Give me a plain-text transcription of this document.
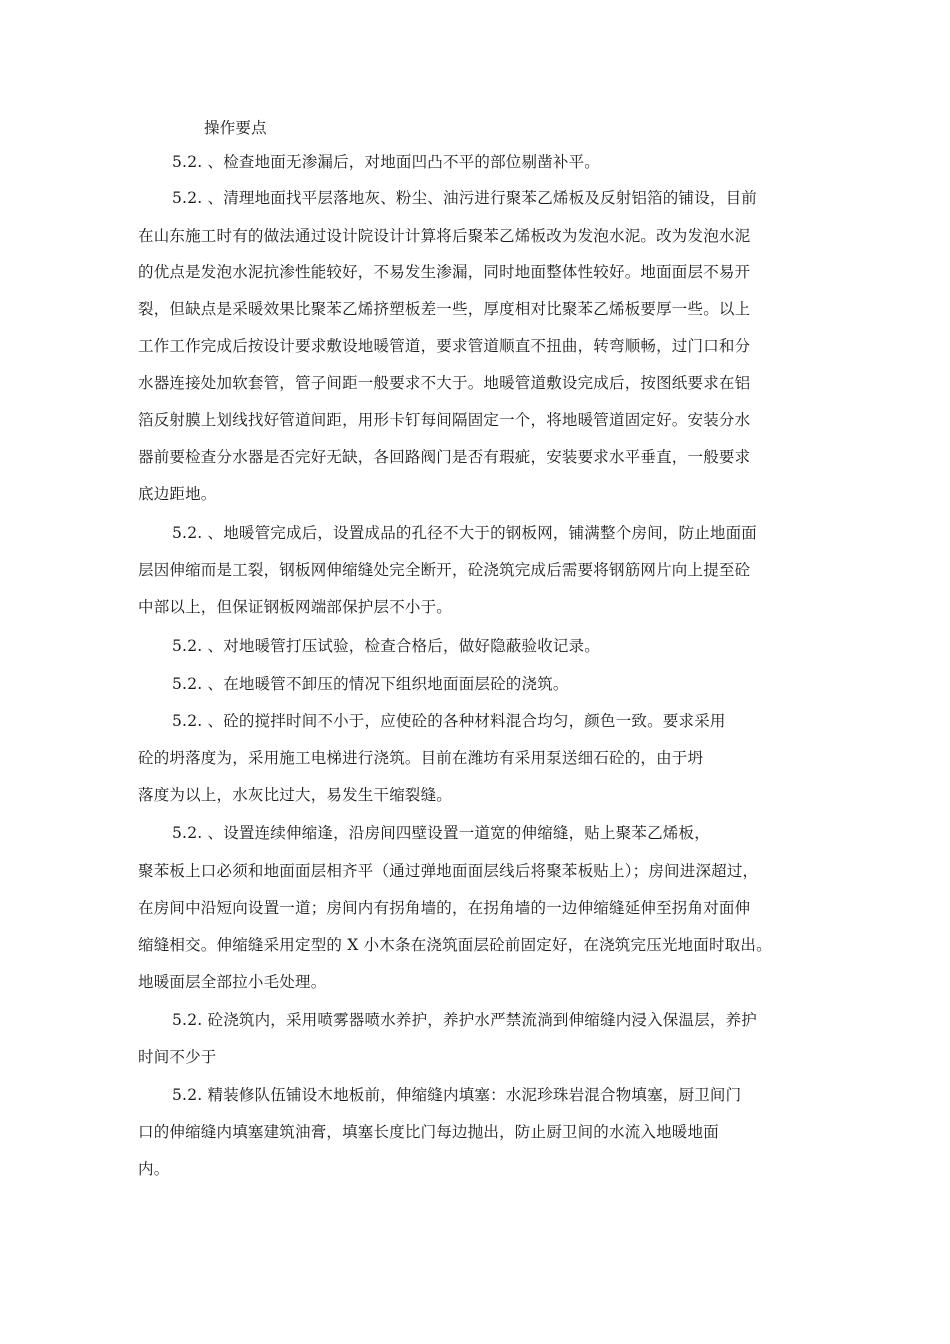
操作要点
5.2. 、检查地面无渗漏后，对地面凹凸不平的部位剔凿补平。
5.2. 、清理地面找平层落地灰、粉尘、油污进行聚苯乙烯板及反射铝箔的铺设，目前
在山东施工时有的做法通过设计院设计计算将后聚苯乙烯板改为发泡水泥。改为发泡水泥
的优点是发泡水泥抗渗性能较好，不易发生渗漏，同时地面整体性较好。地面面层不易开
裂，但缺点是采暖效果比聚苯乙烯挤塑板差一些，厚度相对比聚苯乙烯板要厚一些。以上
工作工作完成后按设计要求敷设地暖管道，要求管道顺直不扭曲，转弯顺畅，过门口和分
水器连接处加软套管，管子间距一般要求不大于。地暖管道敷设完成后，按图纸要求在铝
箔反射膜上划线找好管道间距，用形卡钉每间隔固定一个，将地暖管道固定好。安装分水
器前要检查分水器是否完好无缺，各回路阀门是否有瑕疵，安装要求水平垂直，一般要求
底边距地。
5.2. 、地暖管完成后，设置成品的孔径不大于的钢板网，铺满整个房间，防止地面面
层因伸缩而是工裂，钢板网伸缩缝处完全断开，砼浇筑完成后需要将钢筋网片向上提至砼
中部以上，但保证钢板网端部保护层不小于。
5.2. 、对地暖管打压试验，检查合格后，做好隐蔽验收记录。
5.2. 、在地暖管不卸压的情况下组织地面面层砼的浇筑。
5.2. 、砼的搅拌时间不小于，应使砼的各种材料混合均匀，颜色一致。要求采用
砼的坍落度为，采用施工电梯进行浇筑。目前在潍坊有采用泵送细石砼的，由于坍
落度为以上，水灰比过大，易发生干缩裂缝。
5.2. 、设置连续伸缩逢，沿房间四壁设置一道宽的伸缩缝，贴上聚苯乙烯板，
聚苯板上口必须和地面面层相齐平（通过弹地面面层线后将聚苯板贴上）；房间进深超过，
在房间中沿短向设置一道；房间内有拐角墙的，在拐角墙的一边伸缩缝延伸至拐角对面伸
缩缝相交。伸缩缝采用定型的 X 小木条在浇筑面层砼前固定好，在浇筑完压光地面时取出。
地暖面层全部拉小毛处理。
5.2. 砼浇筑内，采用喷雾器喷水养护，养护水严禁流淌到伸缩缝内浸入保温层，养护
时间不少于
5.2. 精装修队伍铺设木地板前，伸缩缝内填塞：水泥珍珠岩混合物填塞，厨卫间门
口的伸缩缝内填塞建筑油膏，填塞长度比门每边抛出，防止厨卫间的水流入地暖地面
内。
